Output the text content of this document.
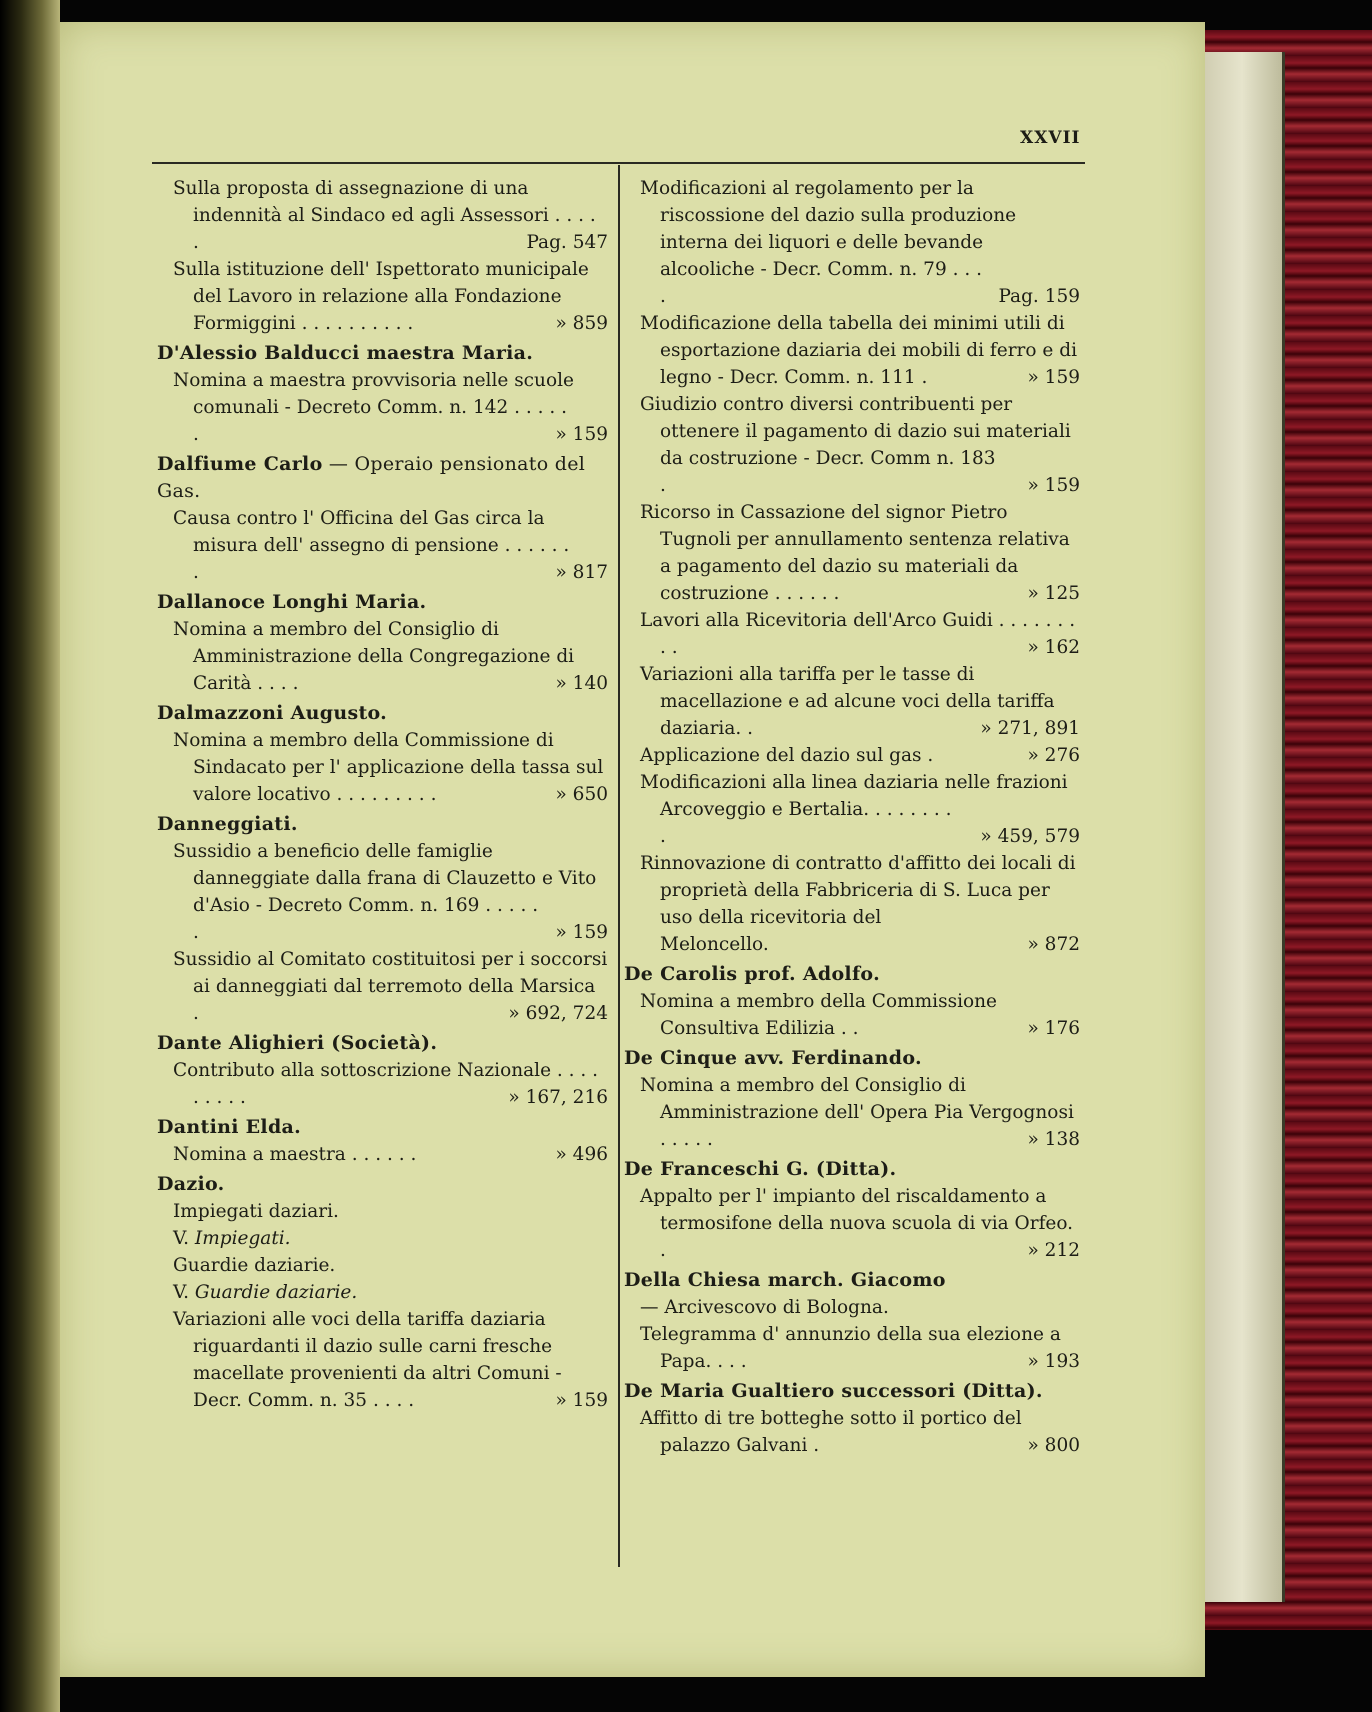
XXVII
Sulla proposta di assegnazione di una indennità al Sindaco ed agli Assessori . . . . .	Pag. 547
Sulla istituzione dell' Ispettorato municipale del Lavoro in relazione alla Fondazione Formiggini . . . . . . . . . .	» 859
D'Alessio Balducci maestra Maria.
Nomina a maestra provvisoria nelle scuole comunali - Decreto Comm. n. 142 . . . . . .	» 159
Dalfiume Carlo — Operaio pensionato del Gas.
Causa contro l' Officina del Gas circa la misura dell' assegno di pensione . . . . . . .	» 817
Dallanoce Longhi Maria.
Nomina a membro del Consiglio di Amministrazione della Congregazione di Carità . . . .	» 140
Dalmazzoni Augusto.
Nomina a membro della Commissione di Sindacato per l' applicazione della tassa sul valore locativo . . . . . . . . .	» 650
Danneggiati.
Sussidio a beneficio delle famiglie danneggiate dalla frana di Clauzetto e Vito d'Asio - Decreto Comm. n. 169 . . . . . .	» 159
Sussidio al Comitato costituitosi per i soccorsi ai danneggiati dal terremoto della Marsica .	» 692, 724
Dante Alighieri (Società).
Contributo alla sottoscrizione Nazionale . . . . . . . . .	» 167, 216
Dantini Elda.
Nomina a maestra . . . . . .	» 496
Dazio.
Impiegati daziari.
V. Impiegati.
Guardie daziarie.
V. Guardie daziarie.
Variazioni alle voci della tariffa daziaria riguardanti il dazio sulle carni fresche macellate provenienti da altri Comuni - Decr. Comm. n. 35 . . . .	» 159
Modificazioni al regolamento per la riscossione del dazio sulla produzione interna dei liquori e delle bevande alcooliche - Decr. Comm. n. 79 . . . .	Pag. 159
Modificazione della tabella dei minimi utili di esportazione daziaria dei mobili di ferro e di legno - Decr. Comm. n. 111 .	» 159
Giudizio contro diversi contribuenti per ottenere il pagamento di dazio sui materiali da costruzione - Decr. Comm n. 183 .	» 159
Ricorso in Cassazione del signor Pietro Tugnoli per annullamento sentenza relativa a pagamento del dazio su materiali da costruzione . . . . . .	» 125
Lavori alla Ricevitoria dell'Arco Guidi . . . . . . . . .	» 162
Variazioni alla tariffa per le tasse di macellazione e ad alcune voci della tariffa daziaria. .	» 271, 891
Applicazione del dazio sul gas .	» 276
Modificazioni alla linea daziaria nelle frazioni Arcoveggio e Bertalia. . . . . . . . .	» 459, 579
Rinnovazione di contratto d'affitto dei locali di proprietà della Fabbriceria di S. Luca per uso della ricevitoria del Meloncello.	» 872
De Carolis prof. Adolfo.
Nomina a membro della Commissione Consultiva Edilizia . .	» 176
De Cinque avv. Ferdinando.
Nomina a membro del Consiglio di Amministrazione dell' Opera Pia Vergognosi . . . . .	» 138
De Franceschi G. (Ditta).
Appalto per l' impianto del riscaldamento a termosifone della nuova scuola di via Orfeo. .	» 212
Della Chiesa march. Giacomo
— Arcivescovo di Bologna.
Telegramma d' annunzio della sua elezione a Papa. . . .	» 193
De Maria Gualtiero successori (Ditta).
Affitto di tre botteghe sotto il portico del palazzo Galvani .	» 800
